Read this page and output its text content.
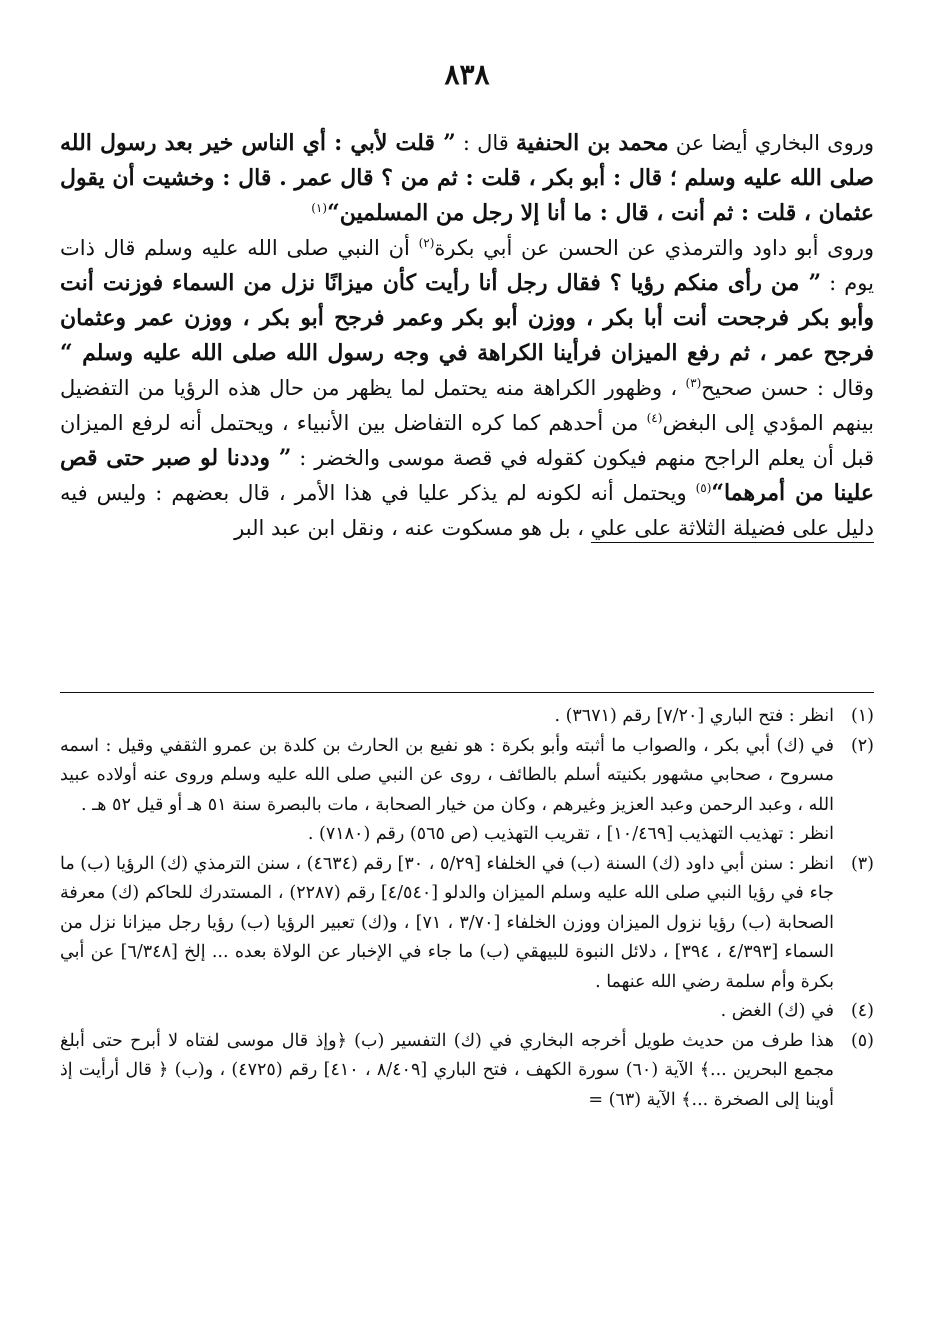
٨٣٨

وروى البخاري أيضا عن محمد بن الحنفية قال : ” قلت لأبي : أي الناس خير بعد رسول الله صلى الله عليه وسلم ؛ قال : أبو بكر ، قلت : ثم من ؟ قال عمر . قال : وخشيت أن يقول عثمان ، قلت : ثم أنت ، قال : ما أنا إلا رجل من المسلمين“$^{(١)}$

وروى أبو داود والترمذي عن الحسن عن أبي بكرة$^{(٢)}$ أن النبي صلى الله عليه وسلم قال ذات يوم : ” من رأى منكم رؤيا ؟ فقال رجل أنا رأيت كأن ميزانًا نزل من السماء فوزنت أنت وأبو بكر فرجحت أنت أبا بكر ، ووزن أبو بكر وعمر فرجح أبو بكر ، ووزن عمر وعثمان فرجح عمر ، ثم رفع الميزان فرأينا الكراهة في وجه رسول الله صلى الله عليه وسلم “ وقال : حسن صحيح$^{(٣)}$ ، وظهور الكراهة منه يحتمل لما يظهر من حال هذه الرؤيا من التفضيل بينهم المؤدي إلى البغض$^{(٤)}$ من أحدهم كما كره التفاضل بين الأنبياء ، ويحتمل أنه لرفع الميزان قبل أن يعلم الراجح منهم فيكون كقوله في قصة موسى والخضر : ” وددنا لو صبر حتى قص علينا من أمرهما“$^{(٥)}$ ويحتمل أنه لكونه لم يذكر عليا في هذا الأمر ، قال بعضهم : وليس فيه دليل على فضيلة الثلاثة على علي ، بل هو مسكوت عنه ، ونقل ابن عبد البر

(١)

انظر : فتح الباري [٧/٢٠] رقم (٣٦٧١) .

(٢)

في (ك) أبي بكر ، والصواب ما أثبته وأبو بكرة : هو نفيع بن الحارث بن كلدة بن عمرو الثقفي وقيل : اسمه مسروح ، صحابي مشهور بكنيته أسلم بالطائف ، روى عن النبي صلى الله عليه وسلم وروى عنه أولاده عبيد الله ، وعبد الرحمن وعبد العزيز وغيرهم ، وكان من خيار الصحابة ، مات بالبصرة سنة ٥١ هـ أو قيل ٥٢ هـ .

انظر : تهذيب التهذيب [١٠/٤٦٩] ، تقريب التهذيب (ص ٥٦٥) رقم (٧١٨٠) .

(٣)

انظر : سنن أبي داود (ك) السنة (ب) في الخلفاء [٥/٢٩ ، ٣٠] رقم (٤٦٣٤) ، سنن الترمذي (ك) الرؤيا (ب) ما جاء في رؤيا النبي صلى الله عليه وسلم الميزان والدلو [٤/٥٤٠] رقم (٢٢٨٧) ، المستدرك للحاكم (ك) معرفة الصحابة (ب) رؤيا نزول الميزان ووزن الخلفاء [٣/٧٠ ، ٧١] ، و(ك) تعبير الرؤيا (ب) رؤيا رجل ميزانا نزل من السماء [٤/٣٩٣ ، ٣٩٤] ، دلائل النبوة للبيهقي (ب) ما جاء في الإخبار عن الولاة بعده ... إلخ [٦/٣٤٨] عن أبي بكرة وأم سلمة رضي الله عنهما .

(٤)

في (ك) الغض .

(٥)

هذا طرف من حديث طويل أخرجه البخاري في (ك) التفسير (ب) ﴿وإذ قال موسى لفتاه لا أبرح حتى أبلغ مجمع البحرين ...﴾ الآية (٦٠) سورة الكهف ، فتح الباري [٨/٤٠٩ ، ٤١٠] رقم (٤٧٢٥) ، و(ب) ﴿ قال أرأيت إذ أوينا إلى الصخرة ...﴾ الآية (٦٣) =
